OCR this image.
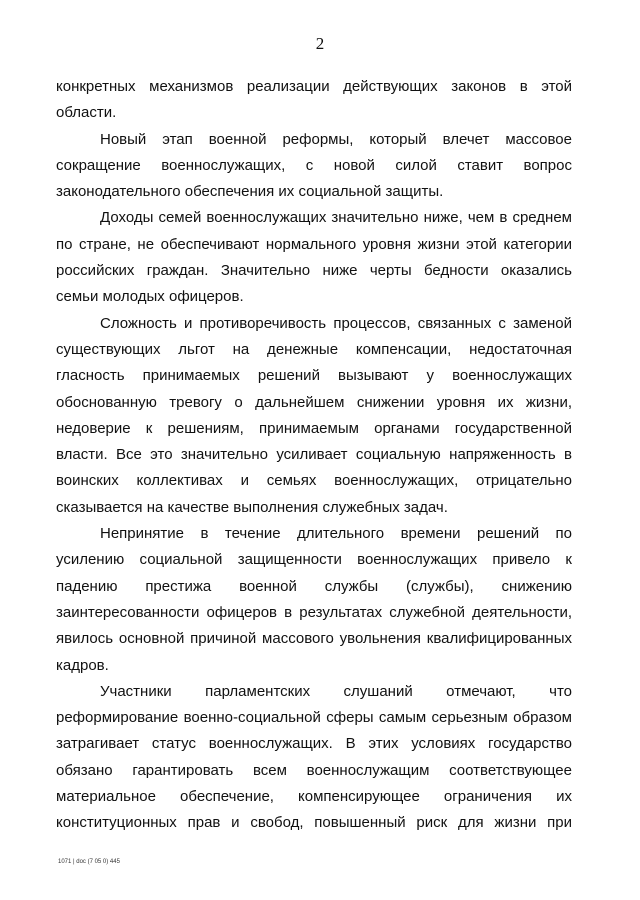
2
конкретных механизмов реализации действующих законов в этой
области.
Новый этап военной реформы, который влечет массовое
сокращение военнослужащих, с новой силой ставит вопрос
законодательного обеспечения их социальной защиты.
Доходы семей военнослужащих значительно ниже, чем в среднем
по стране, не обеспечивают нормального уровня жизни этой категории
российских граждан. Значительно ниже черты бедности оказались
семьи молодых офицеров.
Сложность и противоречивость процессов, связанных с заменой
существующих льгот на денежные компенсации, недостаточная
гласность принимаемых решений вызывают у военнослужащих
обоснованную тревогу о дальнейшем снижении уровня их жизни,
недоверие к решениям, принимаемым органами государственной
власти. Все это значительно усиливает социальную напряженность в
воинских коллективах и семьях военнослужащих, отрицательно
сказывается на качестве выполнения служебных задач.
Непринятие в течение длительного времени решений по
усилению социальной защищенности военнослужащих привело к
падению престижа военной службы (службы), снижению
заинтересованности офицеров в результатах служебной деятельности,
явилось основной причиной массового увольнения квалифицированных
кадров.
Участники парламентских слушаний отмечают, что
реформирование военно-социальной сферы самым серьезным образом
затрагивает статус военнослужащих. В этих условиях государство
обязано гарантировать всем военнослужащим соответствующее
материальное обеспечение, компенсирующее ограничения их
конституционных прав и свобод, повышенный риск для жизни при
1071 | doc (7 05 0) 445
